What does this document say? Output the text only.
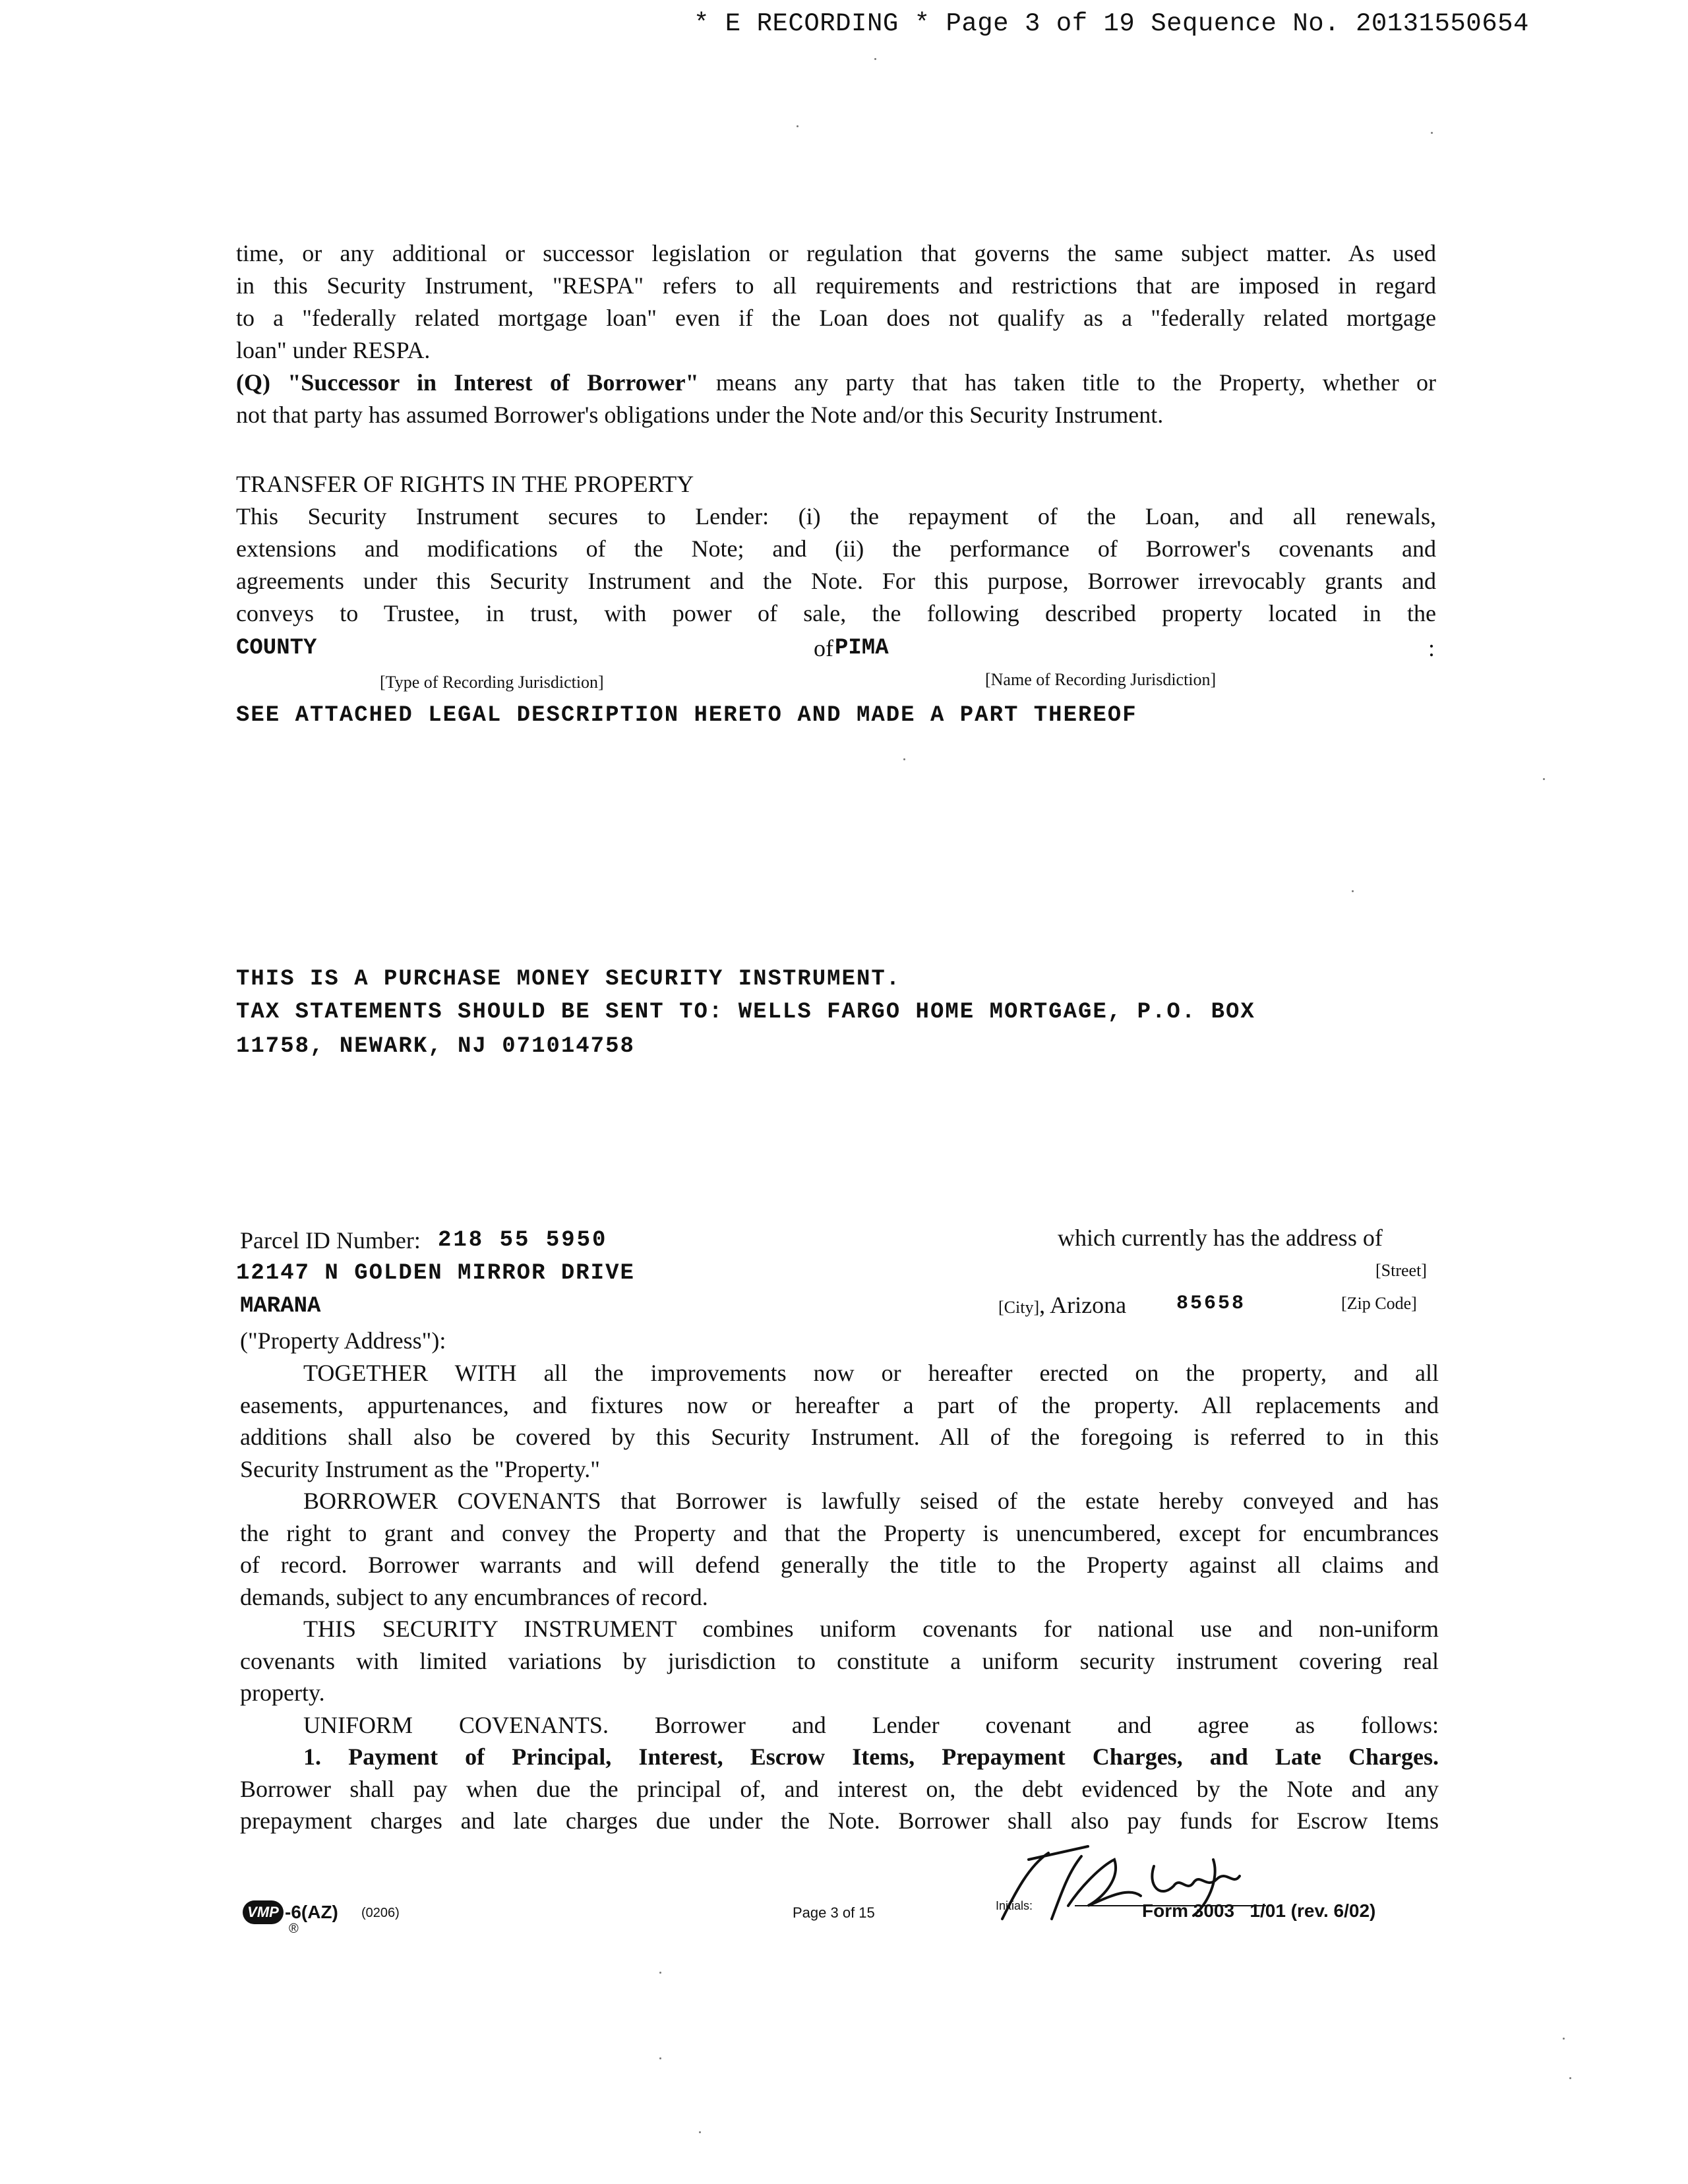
* E RECORDING * Page 3 of 19 Sequence No. 20131550654
time, or any additional or successor legislation or regulation that governs the same subject matter. As used
in this Security Instrument, "RESPA" refers to all requirements and restrictions that are imposed in regard
to a "federally related mortgage loan" even if the Loan does not qualify as a "federally related mortgage
loan" under RESPA.
(Q) "Successor in Interest of Borrower" means any party that has taken title to the Property, whether or
not that party has assumed Borrower's obligations under the Note and/or this Security Instrument.
TRANSFER OF RIGHTS IN THE PROPERTY
This Security Instrument secures to Lender: (i) the repayment of the Loan, and all renewals,
extensions and modifications of the Note; and (ii) the performance of Borrower's covenants and
agreements under this Security Instrument and the Note. For this purpose, Borrower irrevocably grants and
conveys to Trustee, in trust, with power of sale, the following described property located in the
COUNTY	of PIMA	:
[Type of Recording Jurisdiction]	[Name of Recording Jurisdiction]
SEE ATTACHED LEGAL DESCRIPTION HERETO AND MADE A PART THEREOF
THIS IS A PURCHASE MONEY SECURITY INSTRUMENT.
TAX STATEMENTS SHOULD BE SENT TO: WELLS FARGO HOME MORTGAGE, P.O. BOX
11758, NEWARK, NJ 071014758
Parcel ID Number: 218 55 5950	which currently has the address of
12147 N GOLDEN MIRROR DRIVE	[Street]
MARANA	[City], Arizona	85658	[Zip Code]
("Property Address"):
TOGETHER WITH all the improvements now or hereafter erected on the property, and all
easements, appurtenances, and fixtures now or hereafter a part of the property. All replacements and
additions shall also be covered by this Security Instrument. All of the foregoing is referred to in this
Security Instrument as the "Property."
BORROWER COVENANTS that Borrower is lawfully seised of the estate hereby conveyed and has
the right to grant and convey the Property and that the Property is unencumbered, except for encumbrances
of record. Borrower warrants and will defend generally the title to the Property against all claims and
demands, subject to any encumbrances of record.
THIS SECURITY INSTRUMENT combines uniform covenants for national use and non-uniform
covenants with limited variations by jurisdiction to constitute a uniform security instrument covering real
property.
UNIFORM COVENANTS. Borrower and Lender covenant and agree as follows:
1. Payment of Principal, Interest, Escrow Items, Prepayment Charges, and Late Charges.
Borrower shall pay when due the principal of, and interest on, the debt evidenced by the Note and any
prepayment charges and late charges due under the Note. Borrower shall also pay funds for Escrow Items
Initials:
VMP -6(AZ) (0206)
®
Page 3 of 15	Form 3003   1/01 (rev. 6/02)
